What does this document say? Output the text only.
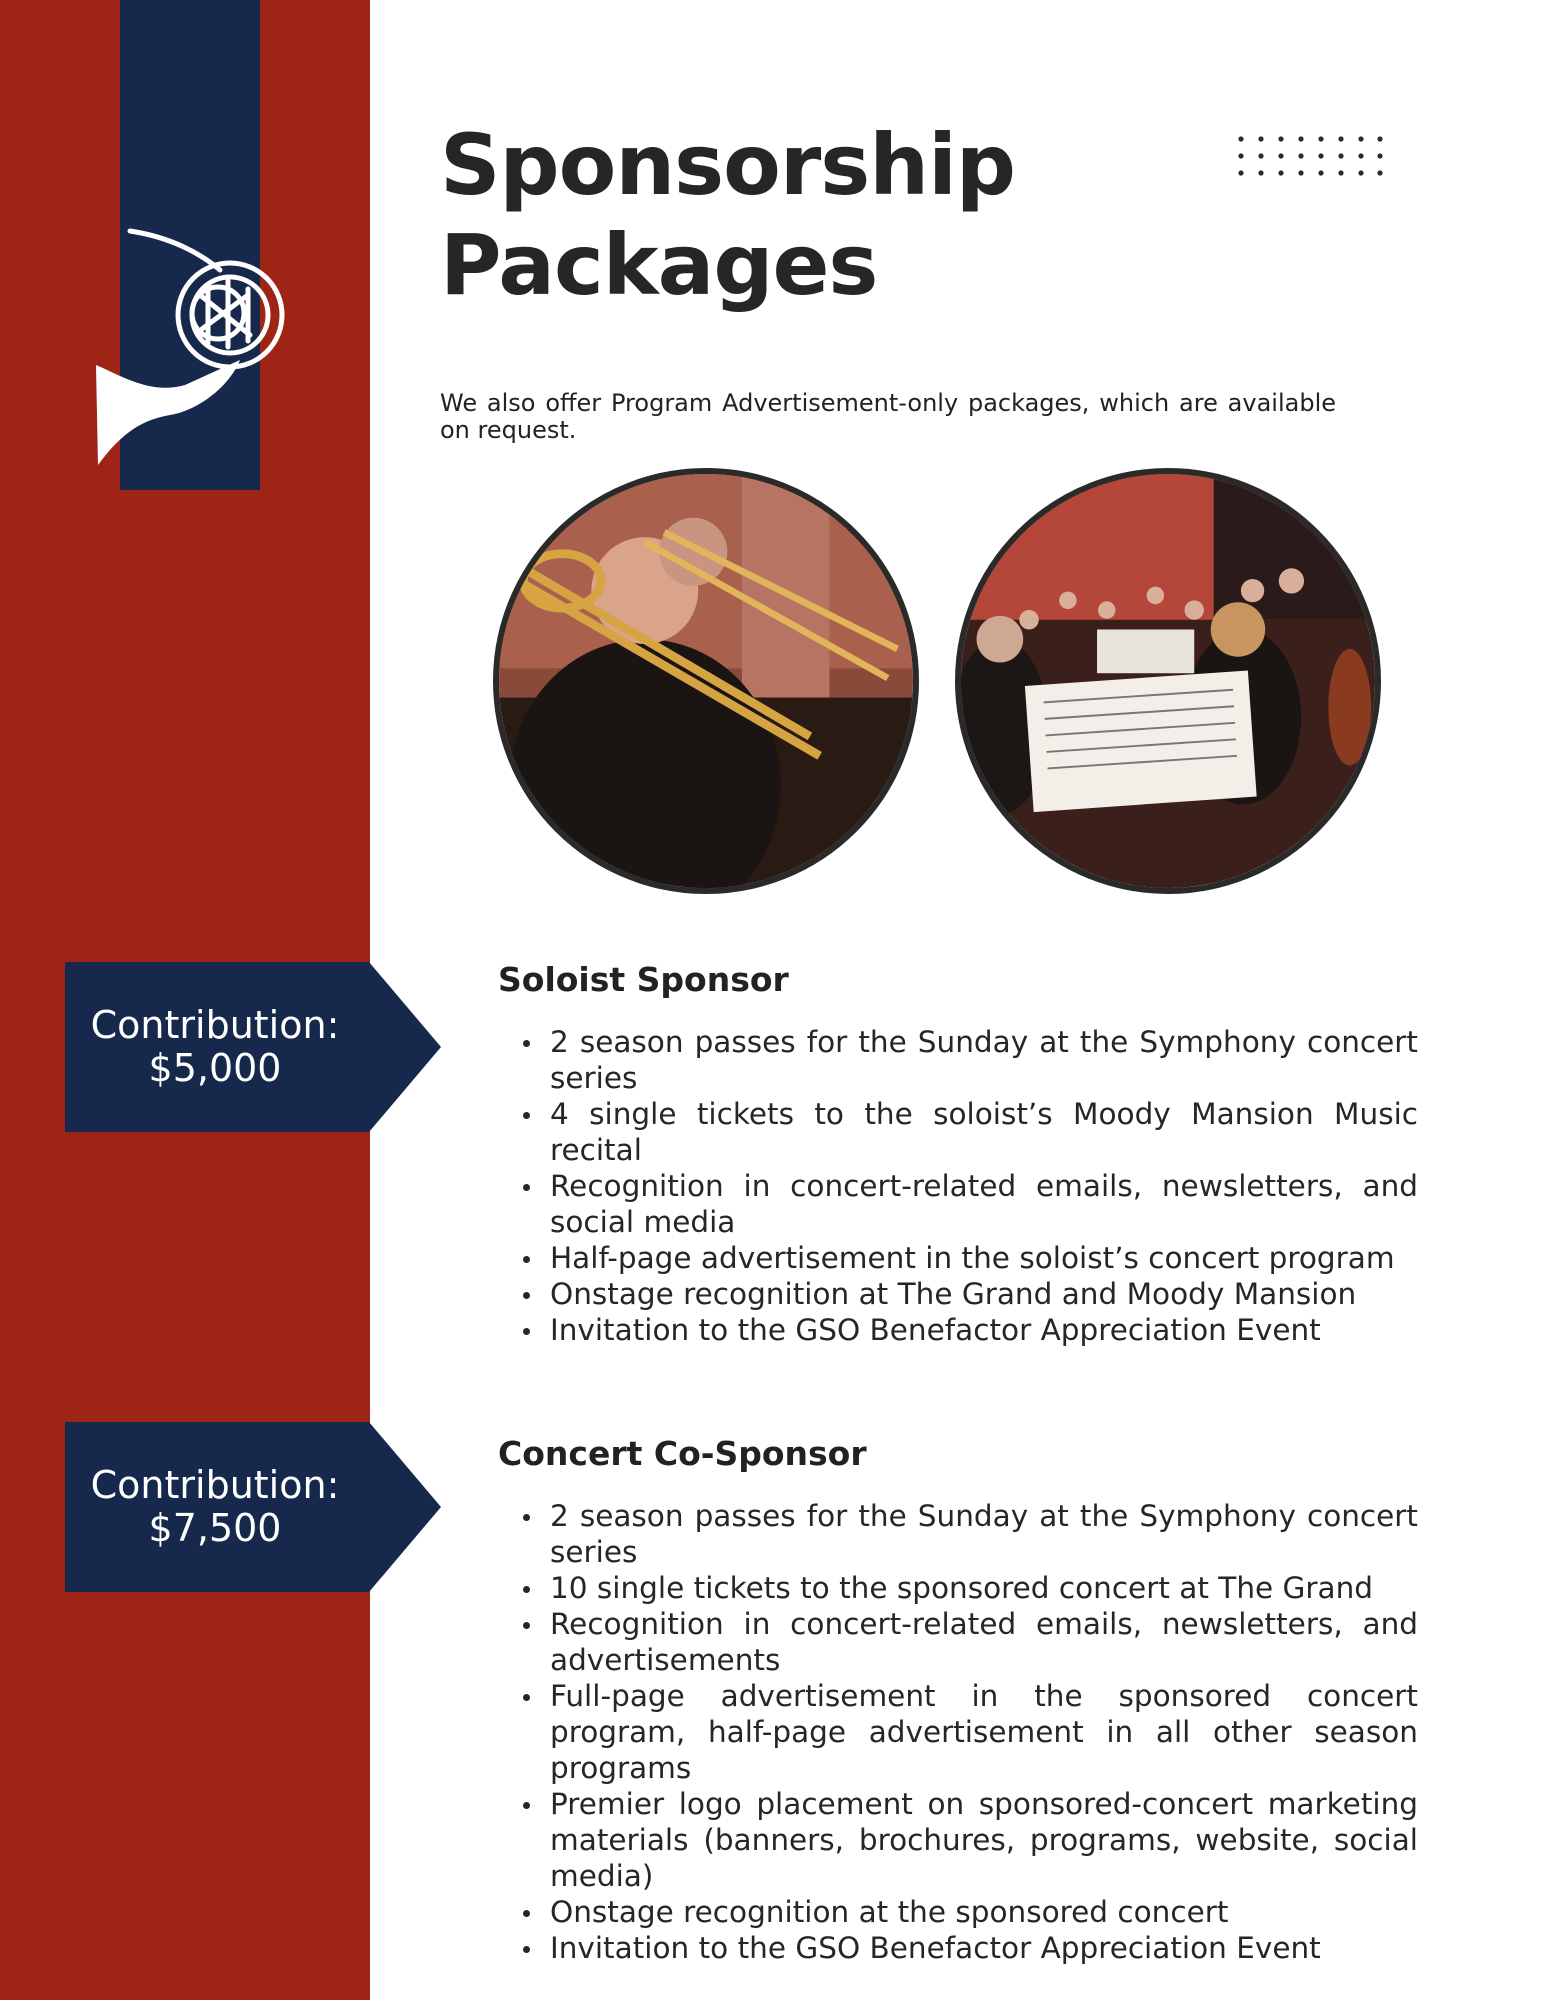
Sponsorship
Packages

We also offer Program Advertisement-only packages, which are available on request.

Contribution:
$5,000
Contribution:
$7,500
Soloist Sponsor
2 season passes for the Sunday at the Symphony concert series
4 single tickets to the soloist’s Moody Mansion Music recital
Recognition in concert-related emails, newsletters, and social media
Half-page advertisement in the soloist’s concert program
Onstage recognition at The Grand and Moody Mansion
Invitation to the GSO Benefactor Appreciation Event
Concert Co-Sponsor
2 season passes for the Sunday at the Symphony concert series
10 single tickets to the sponsored concert at The Grand
Recognition in concert-related emails, newsletters, and advertisements
Full-page advertisement in the sponsored concert program, half-page advertisement in all other season programs
Premier logo placement on sponsored-concert marketing materials (banners, brochures, programs, website, social media)
Onstage recognition at the sponsored concert
Invitation to the GSO Benefactor Appreciation Event
